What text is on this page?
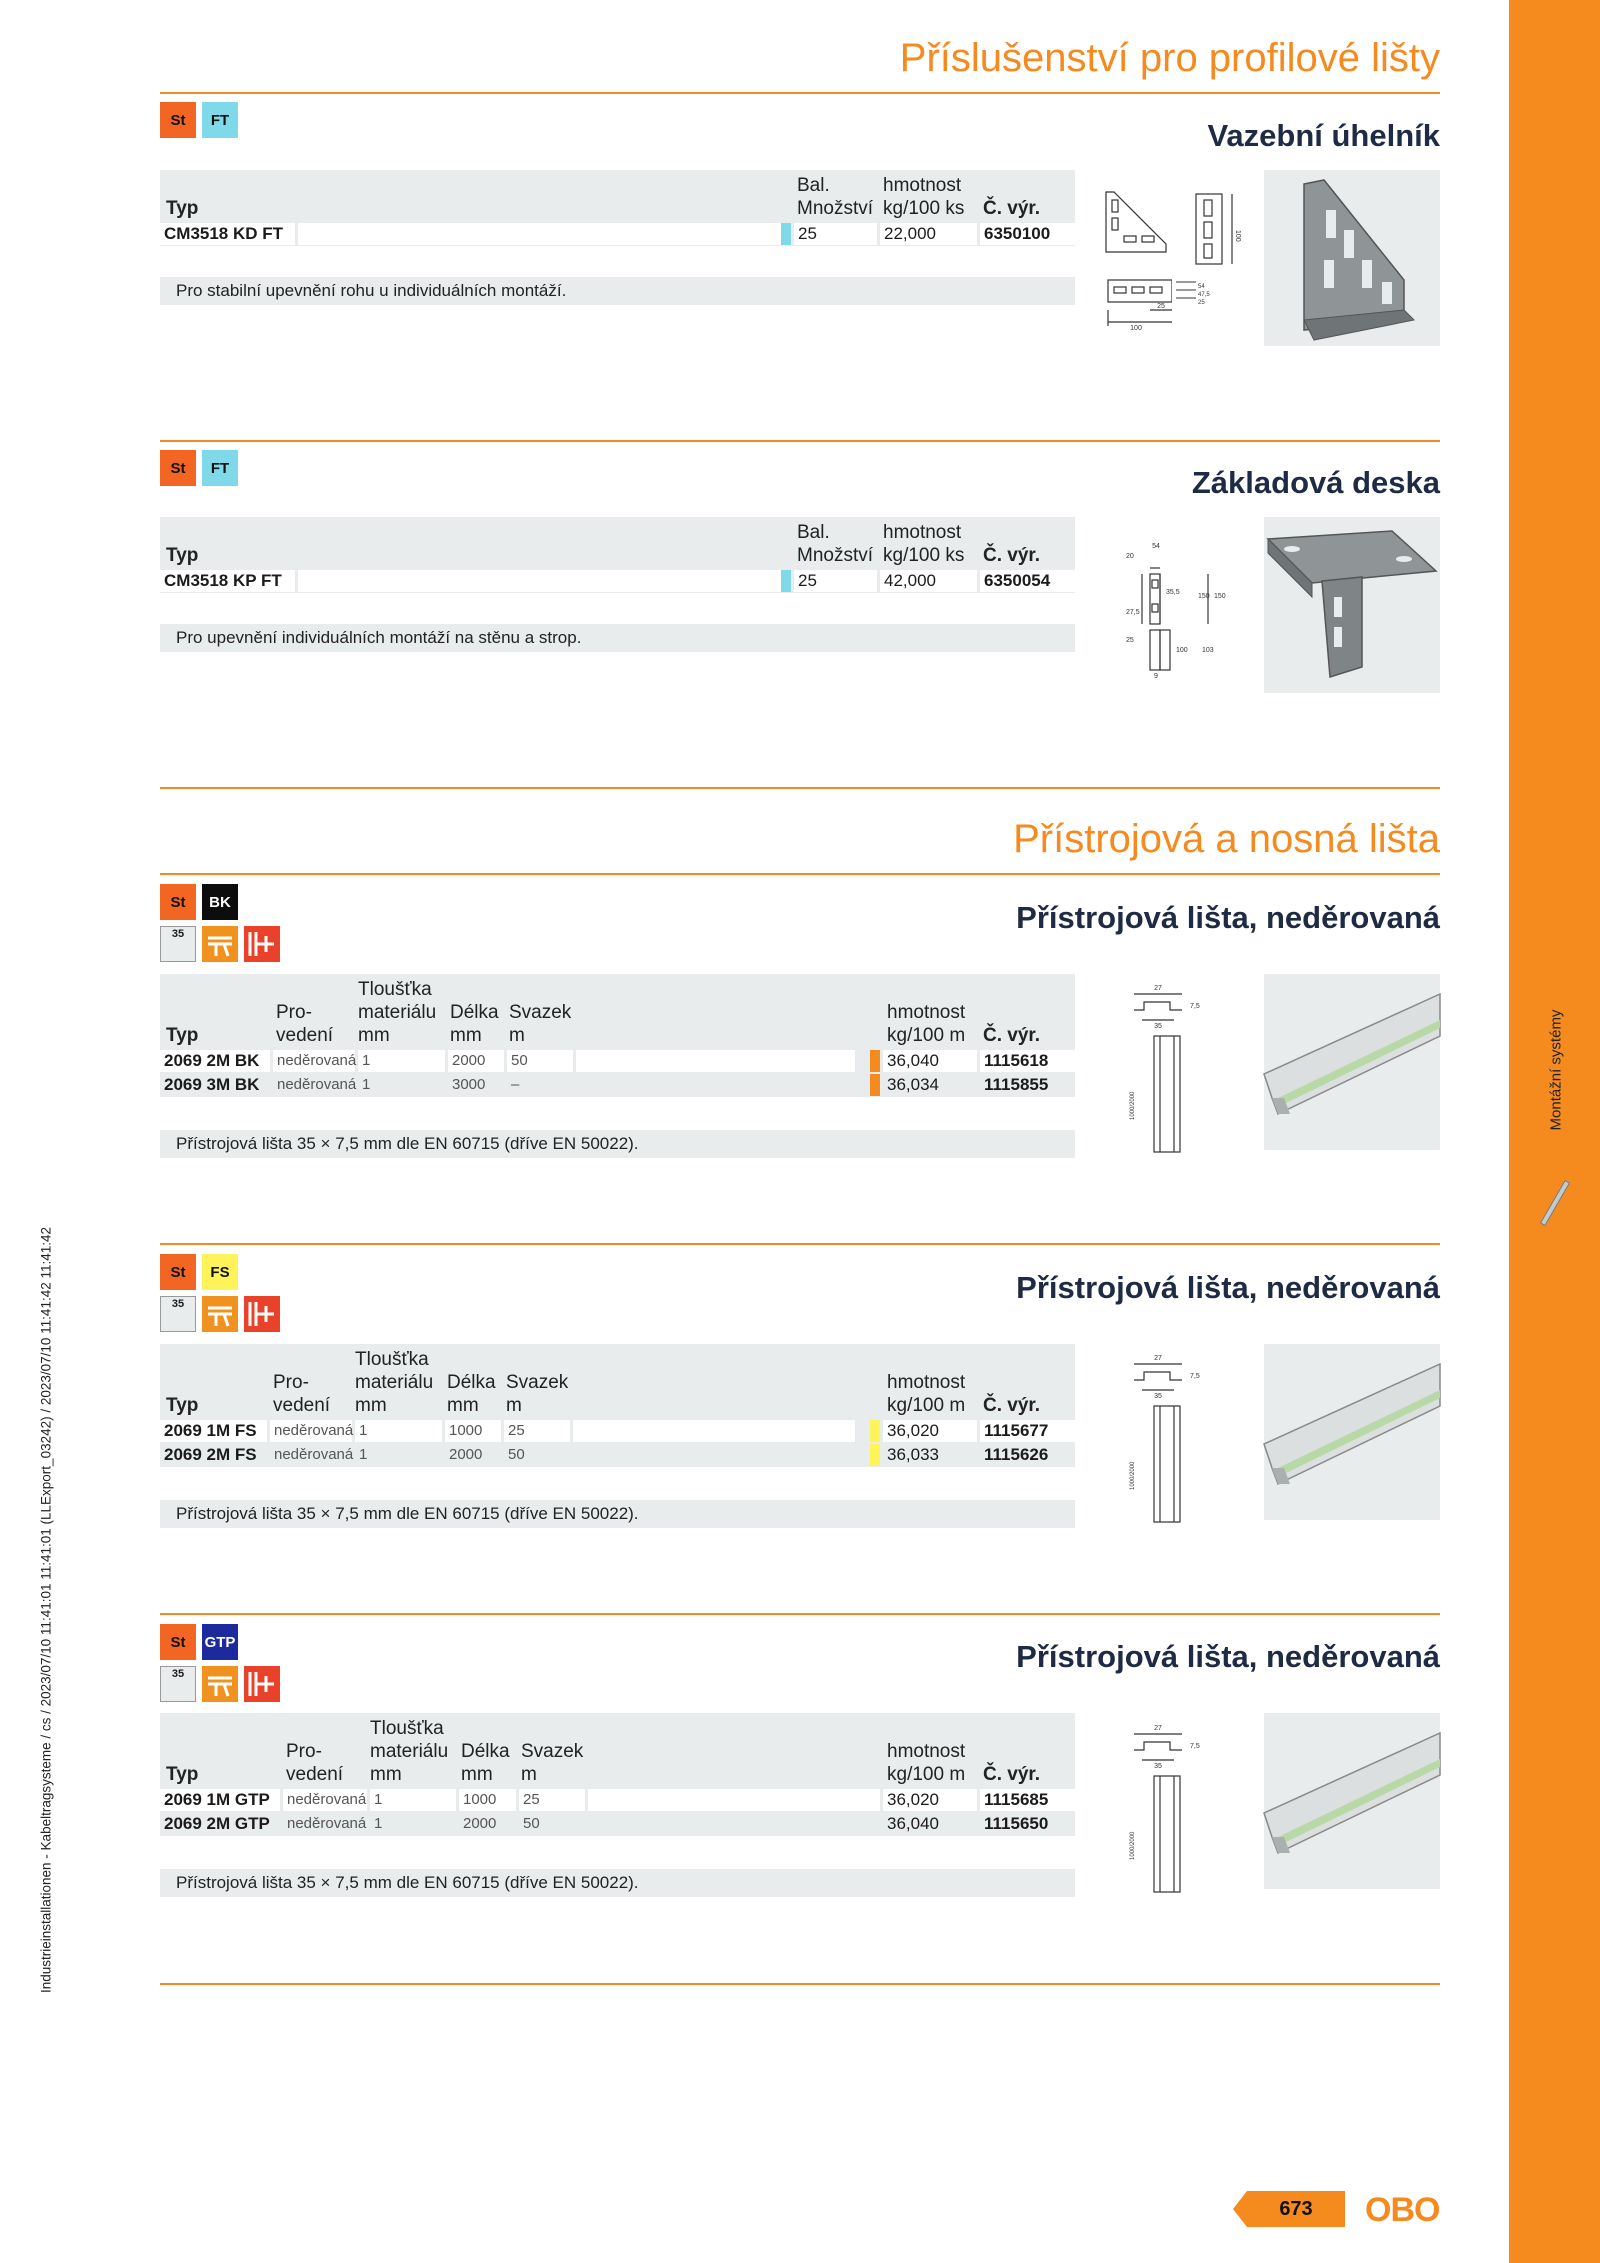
Montážní systémy
Industrieinstallationen - Kabeltragsysteme / cs / 2023/07/10 11:41:01 11:41:01 (LLExport_03242) / 2023/07/10 11:41:42 11:41:42
Příslušenství pro profilové lišty
St	FT	Vazební úhelník
Bal.
Množství
hmotnost
kg/100 ks
Typ	Č. výr.
CM3518 KD FT	25	22,000	6350100
Pro stabilní upevnění rohu u individuálních montáží.
100
25
100
54
47,5
25
St	FT	Základová deska
Bal.
Množství
hmotnost
kg/100 ks
Typ	Č. výr.
CM3518 KP FT	25	42,000	6350054
Pro upevnění individuálních montáží na stěnu a strop.
54
20
35,5
27,5
150 150
25
100 103
9
Přístrojová a nosná lišta
St	BK
35	Přístrojová lišta, neděrovaná
Tloušťka
Pro- materiálu Délka Svazek	hmotnost
Typ	vedení mm	mm m	kg/100 m Č. výr.
2069 2M BK	neděrovaná 1	2000	50	36,040	1115618
2069 3M BK	neděrovaná 1	3000	–	36,034	1115855
Přístrojová lišta 35 × 7,5 mm dle EN 60715 (dříve EN 50022).
27
35
7,5
1000/2000
St	FS
35	Přístrojová lišta, neděrovaná
Tloušťka
Pro- materiálu Délka Svazek	hmotnost
Typ	vedení mm	mm m	kg/100 m Č. výr.
2069 1M FS	neděrovaná 1	1000	25	36,020	1115677
2069 2M FS	neděrovaná 1	2000	50	36,033	1115626
Přístrojová lišta 35 × 7,5 mm dle EN 60715 (dříve EN 50022).
27
35
7,5
1000/2000
St	GTP
35	Přístrojová lišta, neděrovaná
Tloušťka
Pro-	materiálu Délka Svazek	hmotnost
Typ	vedení mm	mm m	kg/100 m Č. výr.
2069 1M GTP	neděrovaná 1	1000	25	36,020	1115685
2069 2M GTP	neděrovaná 1	2000	50	36,040	1115650
Přístrojová lišta 35 × 7,5 mm dle EN 60715 (dříve EN 50022).
27
35
7,5
1000/2000
673	OBO
